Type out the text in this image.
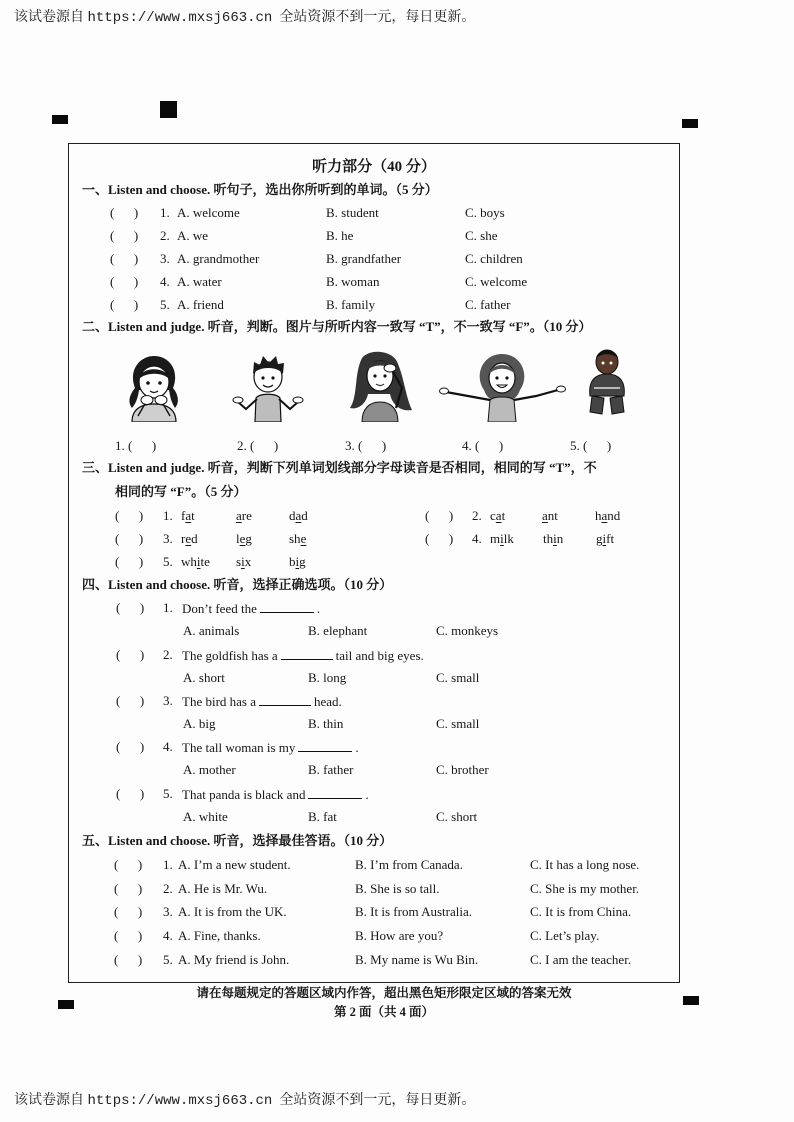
该试卷源自 https://www.mxsj663.cn 全站资源不到一元，每日更新。
听力部分（40 分）
一、Listen and choose. 听句子，选出你所听到的单词。（5 分）
(      ) 1. A. welcome	B. student	C. boys
(      ) 2. A. we	B. he	C. she
(      ) 3. A. grandmother	B. grandfather	C. children
(      ) 4. A. water	B. woman	C. welcome
(      ) 5. A. friend	B. family	C. father
二、Listen and judge. 听音，判断。图片与所听内容一致写 “T”，不一致写 “F”。（10 分）
1. (      )	2. (      )	3. (      )	4. (      )	5. (      )
三、Listen and judge. 听音，判断下列单词划线部分字母读音是否相同，相同的写 “T”，不
相同的写 “F”。（5 分）
(      ) 1. fat	are	dad	(      ) 2. cat	ant	hand
(      ) 3. red	leg	she	(      ) 4. milk thin	gift
(      ) 5. white six	big
四、Listen and choose. 听音，选择正确选项。（10 分）
(      ) 1. Don’t feed the	.
A. animals	B. elephant	C. monkeys
(      ) 2. The goldfish has a	tail and big eyes.
A. short	B. long	C. small
(      ) 3. The bird has a	head.
A. big	B. thin	C. small
(      ) 4. The tall woman is my	.
A. mother	B. father	C. brother
(      ) 5. That panda is black and	.
A. white	B. fat	C. short
五、Listen and choose. 听音，选择最佳答语。（10 分）
(      ) 1. A. I’m a new student.	B. I’m from Canada.	C. It has a long nose.
(      ) 2. A. He is Mr. Wu.	B. She is so tall.	C. She is my mother.
(      ) 3. A. It is from the UK.	B. It is from Australia.	C. It is from China.
(      ) 4. A. Fine, thanks.	B. How are you?	C. Let’s play.
(      ) 5. A. My friend is John.	B. My name is Wu Bin.	C. I am the teacher.
请在每题规定的答题区域内作答，超出黑色矩形限定区域的答案无效
第 2 面（共 4 面）
该试卷源自 https://www.mxsj663.cn 全站资源不到一元，每日更新。
